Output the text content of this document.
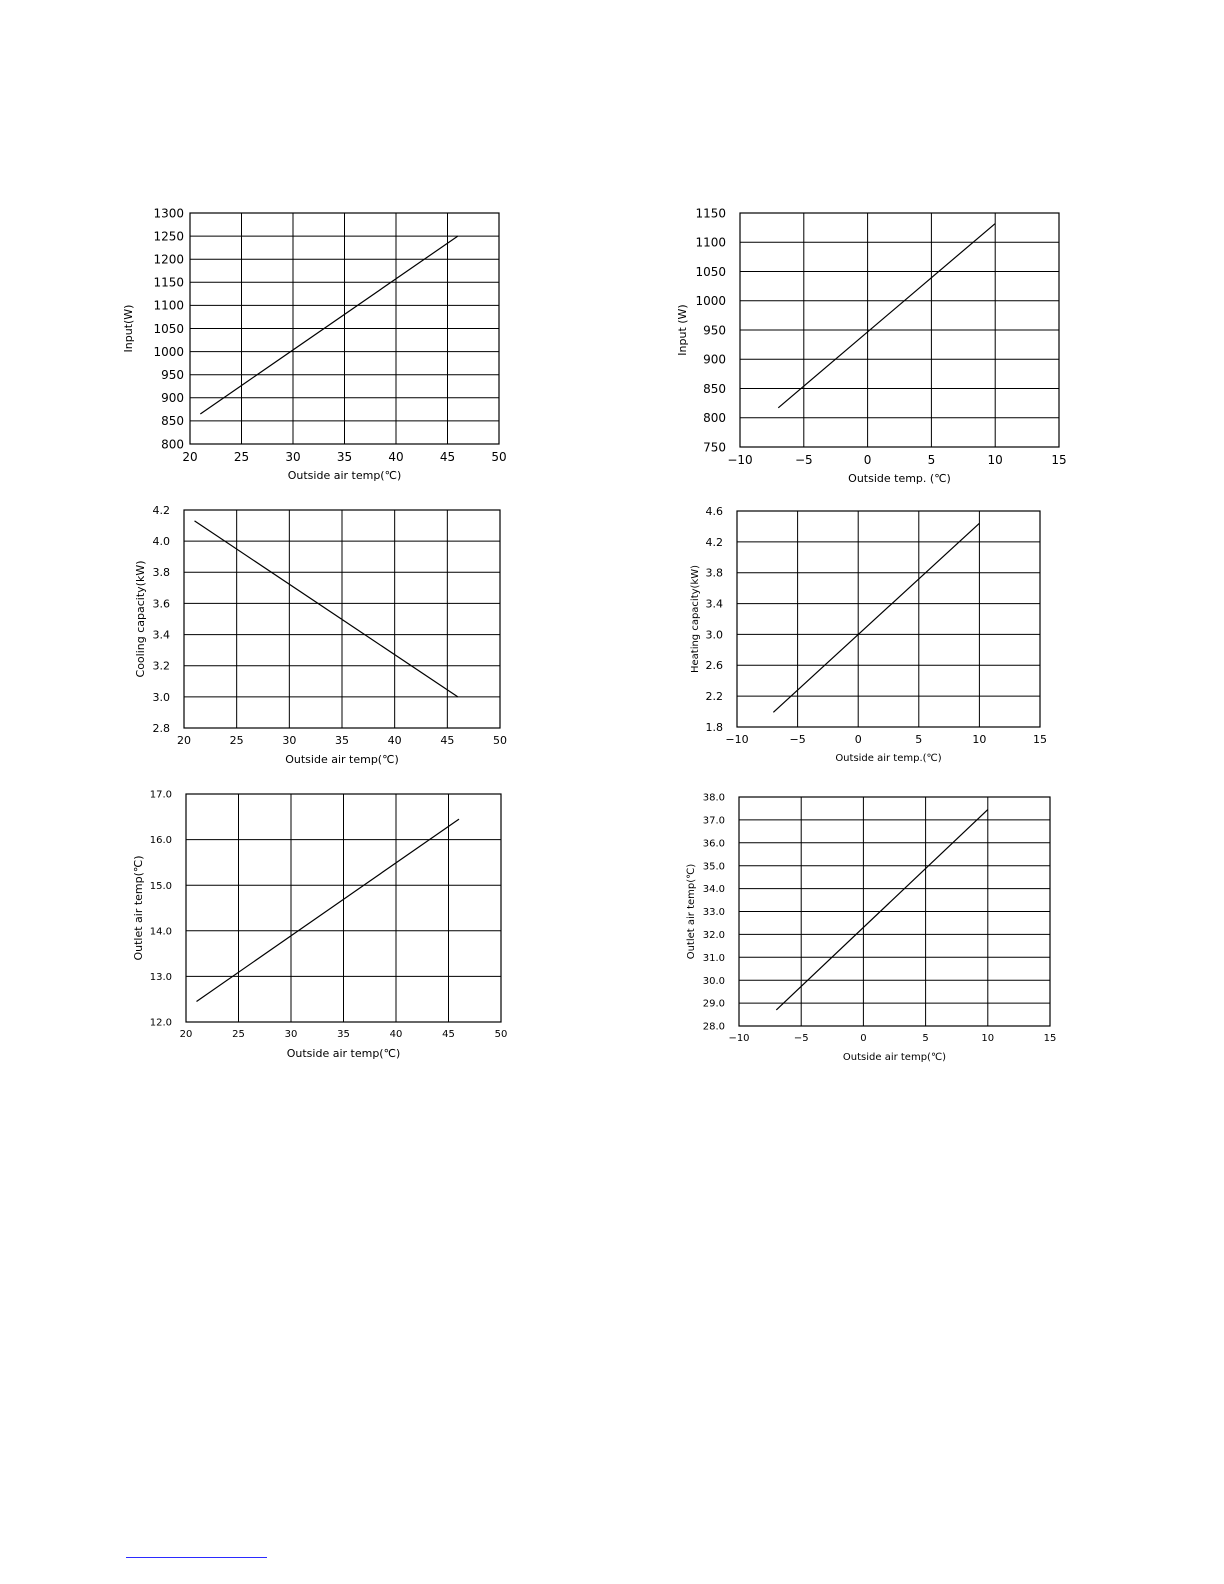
20	25	30	35	40	45	50
1300
1250
1200
1150
1100
1050
1000
950
900
850
800
Outside air temp(℃)
Input(W)
−10	−5	0	5	10	15
1150
1100
1050
1000
950
900
850
800
750
Outside temp. (℃)
Input (W)
20	25	30	35	40	45	50
4.2
4.0
3.8
3.6
3.4
3.2
3.0
2.8
Outside air temp(℃)
Cooling capacity(kW)
−10	−5	0	5	10	15
4.6
4.2
3.8
3.4
3.0
2.6
2.2
1.8
Outside air temp.(℃)
Heating capacity(kW)
20	25	30	35	40	45	50
17.0
16.0
15.0
14.0
13.0
12.0
Outside air temp(℃)
Outlet air temp(℃)
−10	−5	0	5	10	15
38.0
37.0
36.0
35.0
34.0
33.0
32.0
31.0
30.0
29.0
28.0
Outside air temp(℃)
Outlet air temp(℃)
